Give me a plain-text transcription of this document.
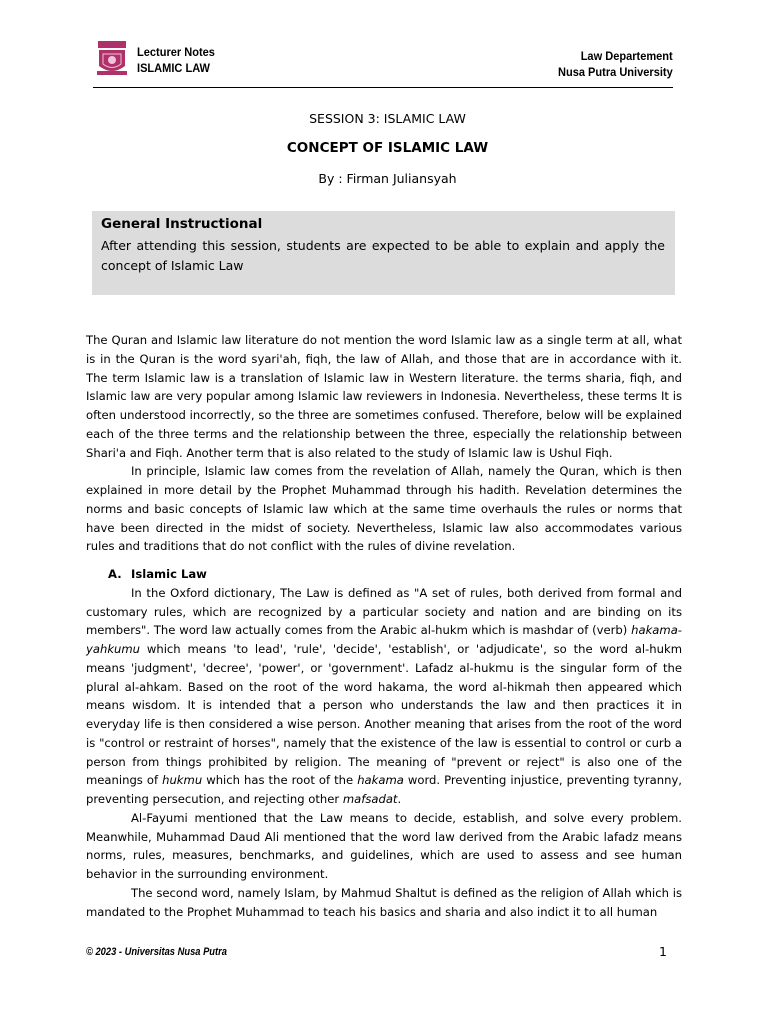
Lecturer Notes
ISLAMIC LAW
Law Departement
Nusa Putra University
SESSION 3: ISLAMIC LAW
CONCEPT OF ISLAMIC LAW
By : Firman Juliansyah
General Instructional
After attending this session, students are expected to be able to explain and apply the concept of Islamic Law

The Quran and Islamic law literature do not mention the word Islamic law as a single term at all, what is in the Quran is the word syari'ah, fiqh, the law of Allah, and those that are in accordance with it. The term Islamic law is a translation of Islamic law in Western literature. the terms sharia, fiqh, and Islamic law are very popular among Islamic law reviewers in Indonesia. Nevertheless, these terms It is often understood incorrectly, so the three are sometimes confused. Therefore, below will be explained each of the three terms and the relationship between the three, especially the relationship between Shari'a and Fiqh. Another term that is also related to the study of Islamic law is Ushul Fiqh.

In principle, Islamic law comes from the revelation of Allah, namely the Quran, which is then explained in more detail by the Prophet Muhammad through his hadith. Revelation determines the norms and basic concepts of Islamic law which at the same time overhauls the rules or norms that have been directed in the midst of society. Nevertheless, Islamic law also accommodates various rules and traditions that do not conflict with the rules of divine revelation.

A. Islamic Law

In the Oxford dictionary, The Law is defined as "A set of rules, both derived from formal and customary rules, which are recognized by a particular society and nation and are binding on its members". The word law actually comes from the Arabic al-hukm which is mashdar of (verb) hakama-yahkumu which means 'to lead', 'rule', 'decide', 'establish', or 'adjudicate', so the word al-hukm means 'judgment', 'decree', 'power', or 'government'. Lafadz al-hukmu is the singular form of the plural al-ahkam. Based on the root of the word hakama, the word al-hikmah then appeared which means wisdom. It is intended that a person who understands the law and then practices it in everyday life is then considered a wise person. Another meaning that arises from the root of the word is "control or restraint of horses", namely that the existence of the law is essential to control or curb a person from things prohibited by religion. The meaning of "prevent or reject" is also one of the meanings of hukmu which has the root of the hakama word. Preventing injustice, preventing tyranny, preventing persecution, and rejecting other mafsadat.

Al-Fayumi mentioned that the Law means to decide, establish, and solve every problem. Meanwhile, Muhammad Daud Ali mentioned that the word law derived from the Arabic lafadz means norms, rules, measures, benchmarks, and guidelines, which are used to assess and see human behavior in the surrounding environment.

The second word, namely Islam, by Mahmud Shaltut is defined as the religion of Allah which is mandated to the Prophet Muhammad to teach his basics and sharia and also indict it to all human

© 2023 - Universitas Nusa Putra	1
